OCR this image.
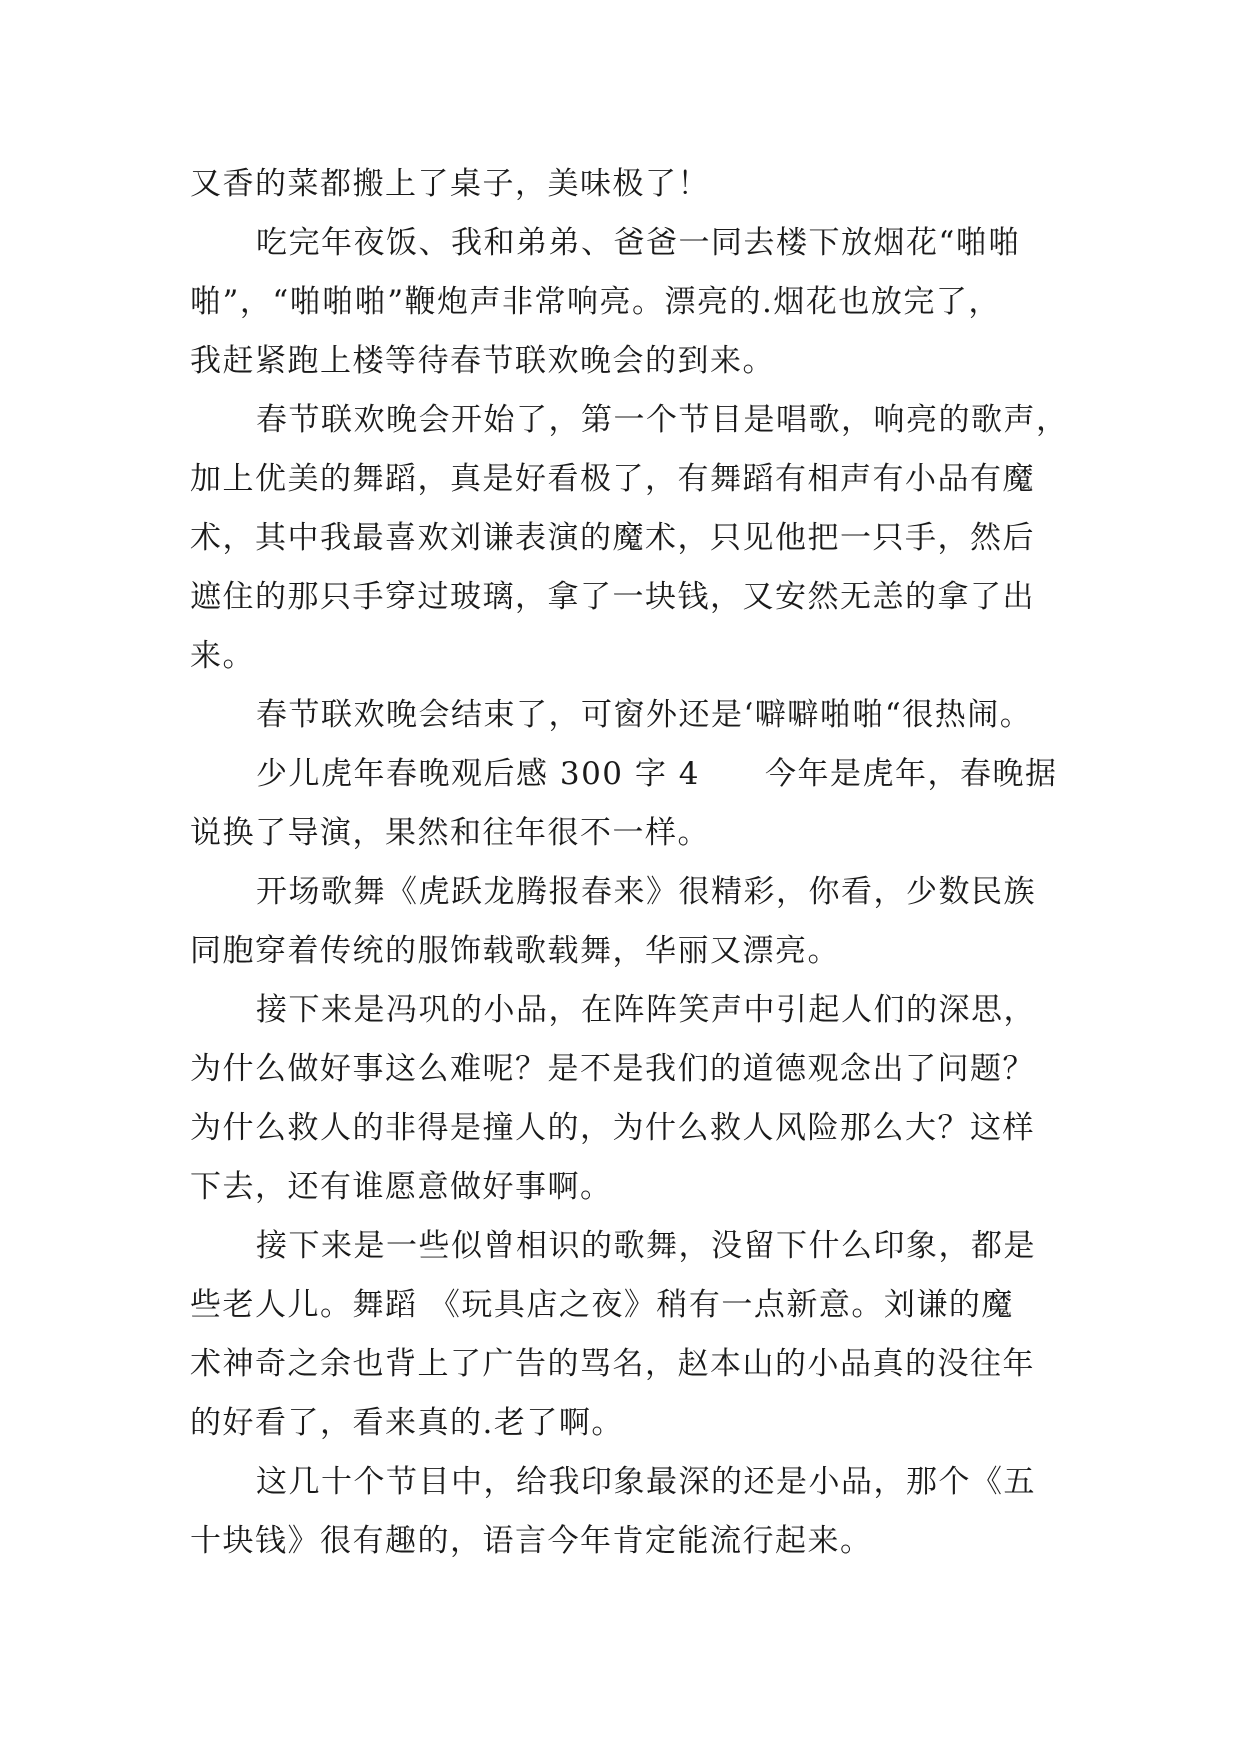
又香的菜都搬上了桌子，美味极了！
吃完年夜饭、我和弟弟、爸爸一同去楼下放烟花“啪啪
啪”，“啪啪啪”鞭炮声非常响亮。漂亮的.烟花也放完了，
我赶紧跑上楼等待春节联欢晚会的到来。
春节联欢晚会开始了，第一个节目是唱歌，响亮的歌声，
加上优美的舞蹈，真是好看极了，有舞蹈有相声有小品有魔
术，其中我最喜欢刘谦表演的魔术，只见他把一只手，然后
遮住的那只手穿过玻璃，拿了一块钱，又安然无恙的拿了出
来。
春节联欢晚会结束了，可窗外还是‘噼噼啪啪“很热闹。
少儿虎年春晚观后感 300 字 4　　今年是虎年，春晚据
说换了导演，果然和往年很不一样。
开场歌舞《虎跃龙腾报春来》很精彩，你看，少数民族
同胞穿着传统的服饰载歌载舞，华丽又漂亮。
接下来是冯巩的小品，在阵阵笑声中引起人们的深思，
为什么做好事这么难呢？是不是我们的道德观念出了问题？
为什么救人的非得是撞人的，为什么救人风险那么大？这样
下去，还有谁愿意做好事啊。
接下来是一些似曾相识的歌舞，没留下什么印象，都是
些老人儿。舞蹈 《玩具店之夜》稍有一点新意。刘谦的魔
术神奇之余也背上了广告的骂名，赵本山的小品真的没往年
的好看了，看来真的.老了啊。
这几十个节目中，给我印象最深的还是小品，那个《五
十块钱》很有趣的，语言今年肯定能流行起来。
